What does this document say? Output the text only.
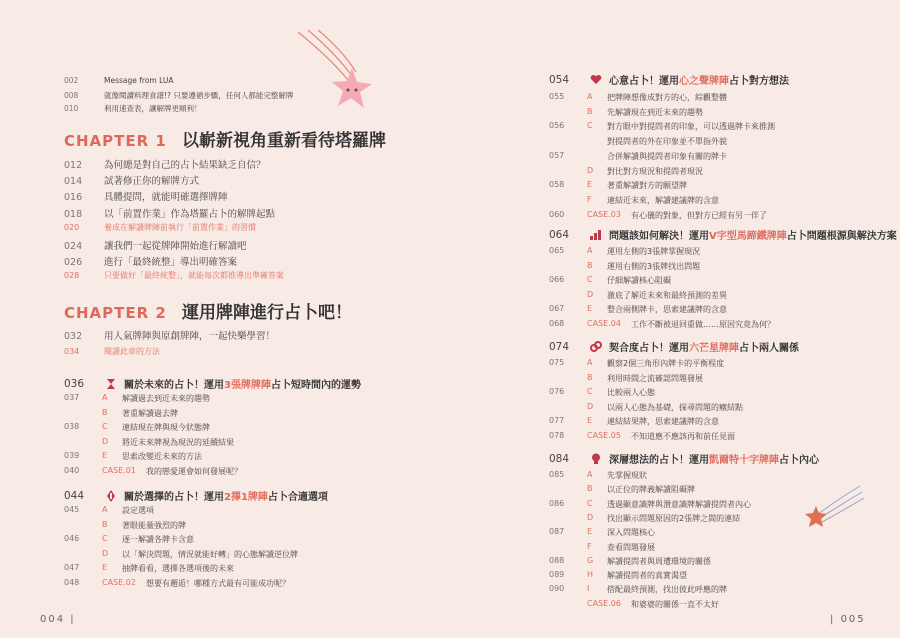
002	Message from LUA
008	就像閱讀料理食譜!? 只要遵循步驟，任何人都能完整解牌
010	利用速查表，讓解牌更順利！
CHAPTER 1 以嶄新視角重新看待塔羅牌
012	為何總是對自己的占卜結果缺乏自信？
014	試著修正你的解牌方式
016	具體提問，就能明確選擇牌陣
018	以「前置作業」作為塔羅占卜的解牌起點
020	養成在解讀牌陣前執行「前置作業」的習慣
024	讓我們一起從牌陣開始進行解讀吧
026	進行「最終統整」導出明確答案
028	只要做好「最終統整」，就能每次都推導出準確答案
CHAPTER 2 運用牌陣進行占卜吧！
032	用人氣牌陣與原創牌陣，一起快樂學習！
034	閱讀此章的方法
036	關於未來的占卜！運用 3張牌牌陣 占卜短時間內的運勢
037	A 解讀過去到近未來的趨勢
B 著重解讀過去牌
038	C 連結現在牌與現今狀態牌
D 將近未來牌視為現況的延續結果
039	E 思索改變近未來的方法
040	CASE.01 我的戀愛運會如何發展呢？
044	關於選擇的占卜！運用 2擇1牌陣 占卜合適選項
045	A 設定選項
B 著眼能量強烈的牌
046	C 逐一解讀各牌卡含意
D 以「解決問題，情況就能好轉」的心態解讀逆位牌
047	E 抽牌看看，選擇各選項後的未來
048	CASE.02 想要有邂逅！哪種方式最有可能成功呢？
004 |
054	心意占卜！運用 心之聲牌陣 占卜對方想法
055	A 把牌陣想像成對方的心，綜觀整體
B 先解讀現在到近未來的趨勢
056	C 對方眼中對提問者的印象，可以透過牌卡來推測
對提問者的外在印象並不單指外貌
057	合併解讀與提問者印象有關的牌卡
D 對比對方現況和提問者現況
058	E 著重解讀對方的願望牌
F 連結近未來，解讀建議牌的含意
060	CASE.03 有心儀的對象，但對方已經有另一伴了
064	問題該如何解決！運用 V字型馬蹄鐵牌陣 占卜問題根源與解決方案
065	A 運用左側的3張牌掌握現況
B 運用右側的3張牌找出問題
066	C 仔細解讀核心阻礙
D 激底了解近未來和最終預測的差異
067	E 整合兩側牌卡，思索建議牌的含意
068	CASE.04 工作不斷被退回重做……原因究竟為何？
074	契合度占卜！運用 六芒星牌陣 占卜兩人關係
075	A 觀察2個三角形內牌卡的平衡程度
B 利用時間之流確認問題發展
076	C 比較兩人心態
D 以兩人心態為基礎，探尋問題的癥結點
077	E 連結結果牌，思索建議牌的含意
078	CASE.05 不知道應不應該再和前任見面
084	深層想法的占卜！運用 凱爾特十字牌陣 占卜內心
085	A 先掌握現狀
B 以正位的牌義解讀阻礙牌
086	C 透過顯意識牌與潛意識牌解讀提問者內心
D 找出顯示問題原因的2張牌之間的連結
087	E 深入問題核心
F 查看問題發展
088	G 解讀提問者與周遭環境的關係
089	H 解讀提問者的真實渴望
090	I 搭配最終預測，找出彼此呼應的牌
CASE.06 和婆婆的關係一直不太好
| 005
